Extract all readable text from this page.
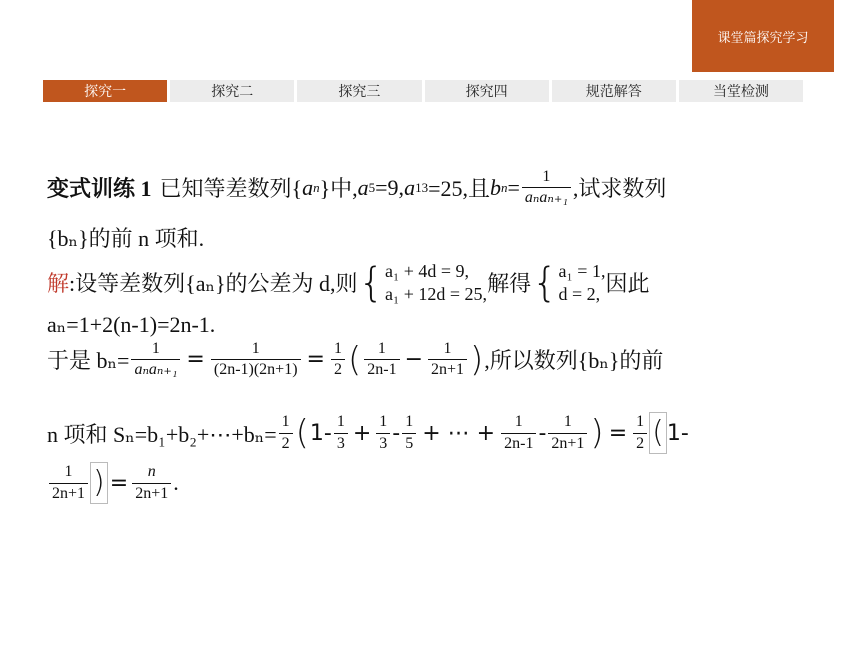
课堂篇探究学习
探究一	探究二	探究三	探究四	规范解答	当堂检测
变式训练 1 已知等差数列{ a n }中, a 5 =9, a 13 =25,且 b $n = \frac{1}{\text{aₙaₙ₊₁}}$ ,试求数列
{bₙ}的前 n 项和.
解 :设等差数列{aₙ}的公差为 d,则 { a₁ + 4d = 9,
a₁ + 12d = 25, 解得 { a₁ = 1,
d = 2, 因此
aₙ=1+2(n-1)=2n-1.
于是 $b_n= \frac{1}{\text{aₙaₙ₊₁}} = \frac{1}{(2n-1)(2n+1)} = \frac{1}{2}$ ( $\frac{1}{2n-1} - \frac{1}{2n+1}$ ) ,所以数列{bₙ}的前
n 项和 Sₙ=b₁+b₂+⋯+bₙ= $\frac{1}{2}$ ( $1- \frac{1}{3} + \frac{1}{3} - \frac{1}{5}$ + ⋯ + $\frac{1}{2n-1} - \frac{1}{2n+1}$ ) = $\frac{1}{2}$ ( 1-
$\frac{1}{2n+1}$ ) = $\frac{n}{2n+1}$ .
